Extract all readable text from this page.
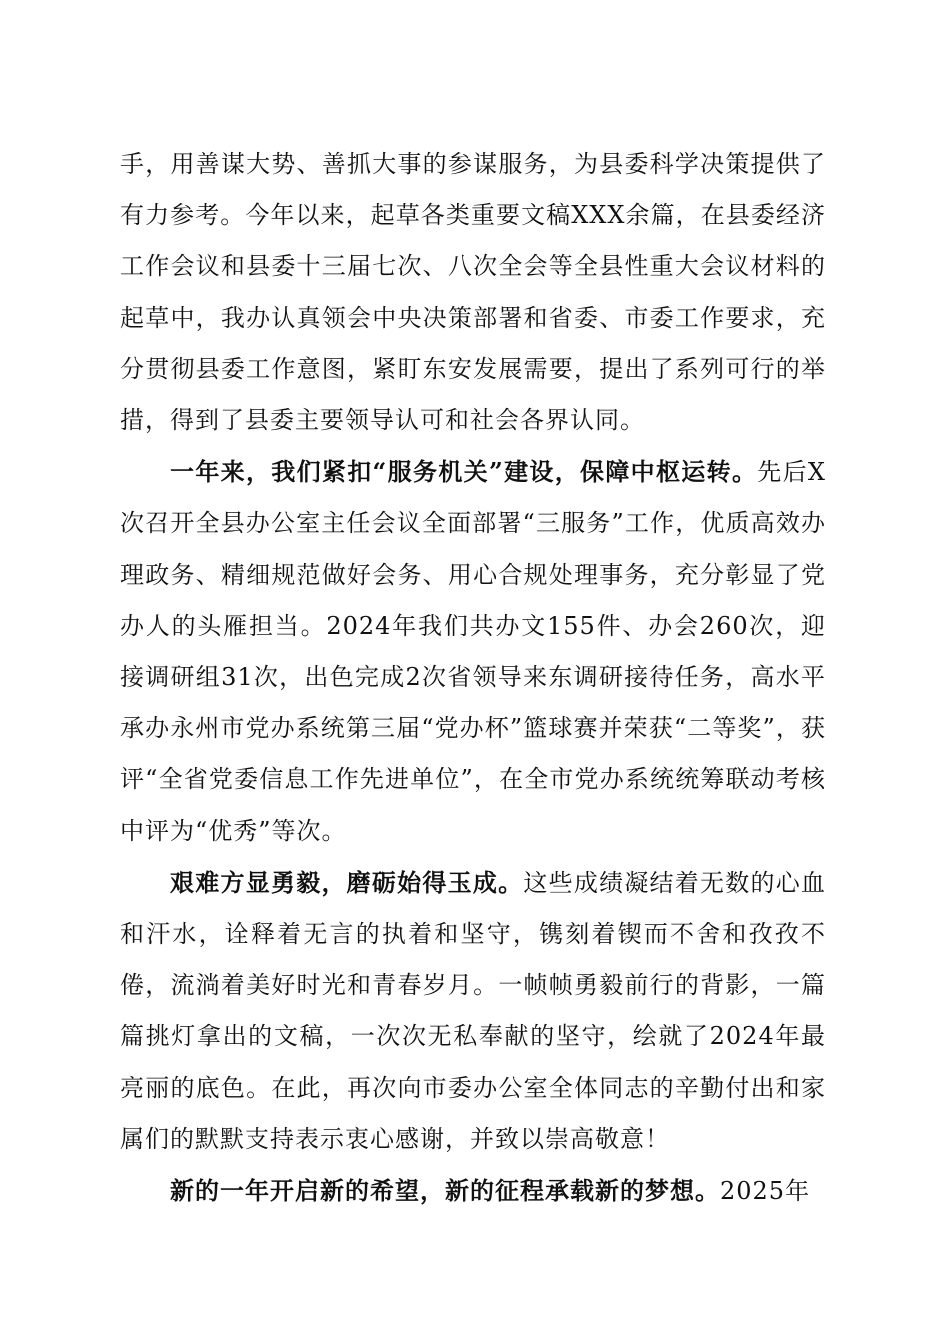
手，用善谋大势、善抓大事的参谋服务，为县委科学决策提供了有力参考。今年以来，起草各类重要文稿XXX余篇，在县委经济工作会议和县委十三届七次、八次全会等全县性重大会议材料的起草中，我办认真领会中央决策部署和省委、市委工作要求，充分贯彻县委工作意图，紧盯东安发展需要，提出了系列可行的举措，得到了县委主要领导认可和社会各界认同。

一年来，我们紧扣“服务机关”建设，保障中枢运转。先后X次召开全县办公室主任会议全面部署“三服务”工作，优质高效办理政务、精细规范做好会务、用心合规处理事务，充分彰显了党办人的头雁担当。2024年我们共办文155件、办会260次，迎接调研组31次，出色完成2次省领导来东调研接待任务，高水平承办永州市党办系统第三届“党办杯”篮球赛并荣获“二等奖”，获评“全省党委信息工作先进单位”，在全市党办系统统筹联动考核中评为“优秀”等次。

艰难方显勇毅，磨砺始得玉成。这些成绩凝结着无数的心血和汗水，诠释着无言的执着和坚守，镌刻着锲而不舍和孜孜不倦，流淌着美好时光和青春岁月。一帧帧勇毅前行的背影，一篇篇挑灯拿出的文稿，一次次无私奉献的坚守，绘就了2024年最亮丽的底色。在此，再次向市委办公室全体同志的辛勤付出和家属们的默默支持表示衷心感谢，并致以崇高敬意！

新的一年开启新的希望，新的征程承载新的梦想。2025年
